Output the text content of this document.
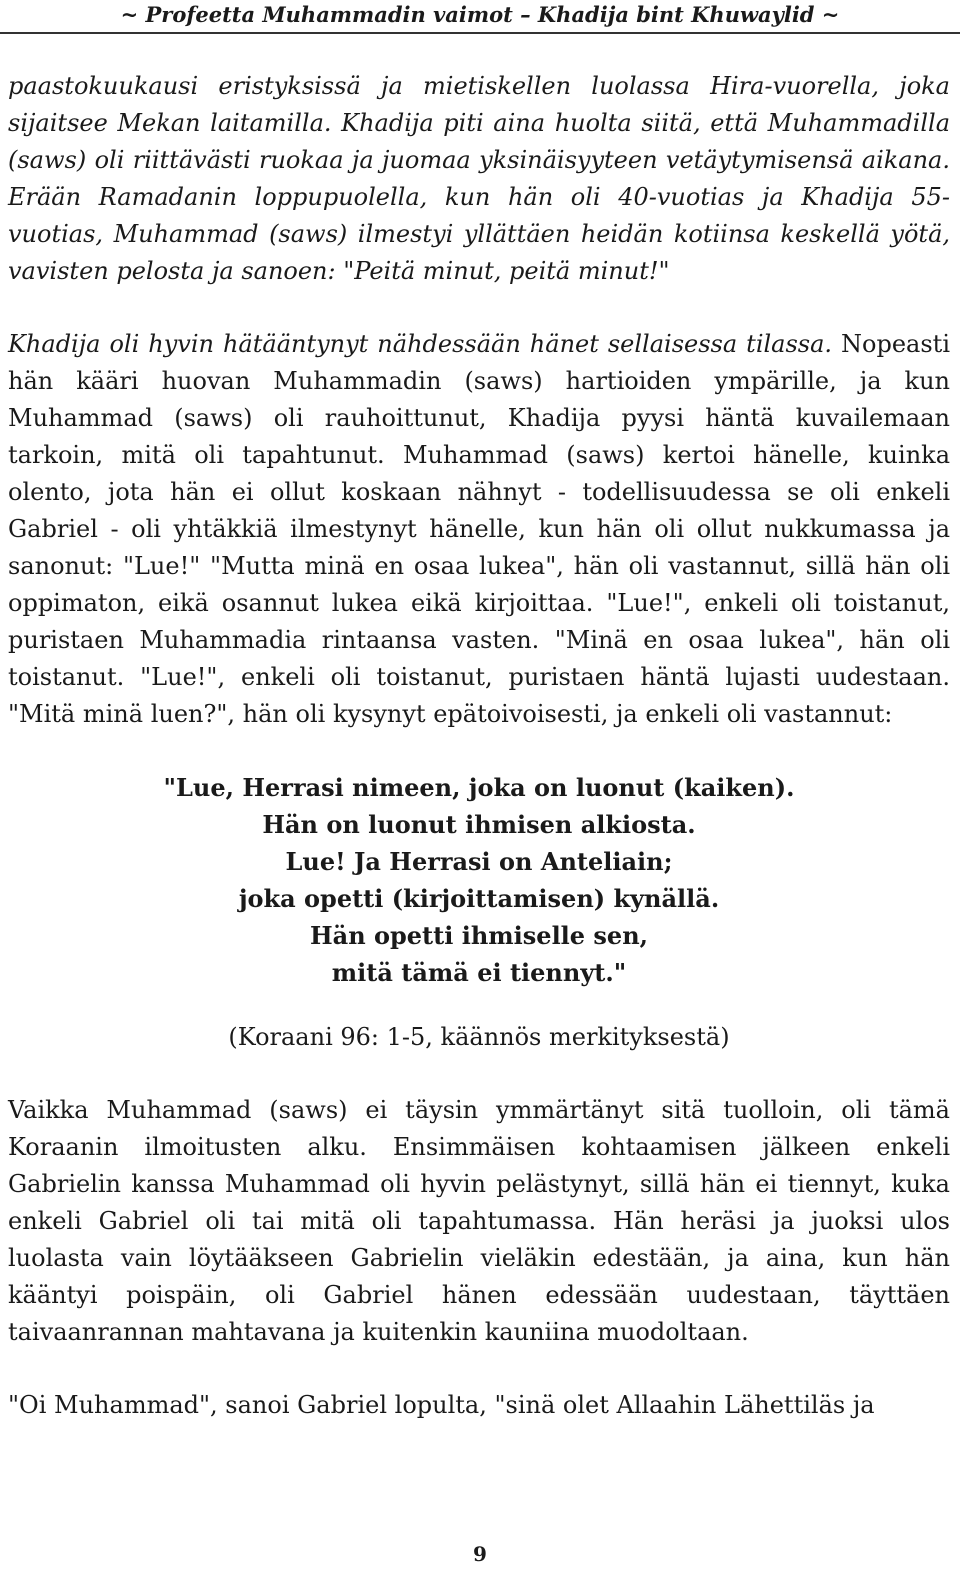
~ Profeetta Muhammadin vaimot – Khadija bint Khuwaylid ~

paastokuukausi eristyksissä ja mietiskellen luolassa Hira-vuorella, joka sijaitsee Mekan laitamilla. Khadija piti aina huolta siitä, että Muhammadilla (saws) oli riittävästi ruokaa ja juomaa yksinäisyyteen vetäytymisensä aikana. Erään Ramadanin loppupuolella, kun hän oli 40-vuotias ja Khadija 55-vuotias, Muhammad (saws) ilmestyi yllättäen heidän kotiinsa keskellä yötä, vavisten pelosta ja sanoen: "Peitä minut, peitä minut!"

Khadija oli hyvin hätääntynyt nähdessään hänet sellaisessa tilassa. Nopeasti hän kääri huovan Muhammadin (saws) hartioiden ympärille, ja kun Muhammad (saws) oli rauhoittunut, Khadija pyysi häntä kuvailemaan tarkoin, mitä oli tapahtunut. Muhammad (saws) kertoi hänelle, kuinka olento, jota hän ei ollut koskaan nähnyt - todellisuudessa se oli enkeli Gabriel - oli yhtäkkiä ilmestynyt hänelle, kun hän oli ollut nukkumassa ja sanonut: "Lue!" "Mutta minä en osaa lukea", hän oli vastannut, sillä hän oli oppimaton, eikä osannut lukea eikä kirjoittaa. "Lue!", enkeli oli toistanut, puristaen Muhammadia rintaansa vasten. "Minä en osaa lukea", hän oli toistanut. "Lue!", enkeli oli toistanut, puristaen häntä lujasti uudestaan. "Mitä minä luen?", hän oli kysynyt epätoivoisesti, ja enkeli oli vastannut:

"Lue, Herrasi nimeen, joka on luonut (kaiken).
Hän on luonut ihmisen alkiosta.
Lue! Ja Herrasi on Anteliain;
joka opetti (kirjoittamisen) kynällä.
Hän opetti ihmiselle sen,
mitä tämä ei tiennyt."
(Koraani 96: 1-5, käännös merkityksestä)

Vaikka Muhammad (saws) ei täysin ymmärtänyt sitä tuolloin, oli tämä Koraanin ilmoitusten alku. Ensimmäisen kohtaamisen jälkeen enkeli Gabrielin kanssa Muhammad oli hyvin pelästynyt, sillä hän ei tiennyt, kuka enkeli Gabriel oli tai mitä oli tapahtumassa. Hän heräsi ja juoksi ulos luolasta vain löytääkseen Gabrielin vieläkin edestään, ja aina, kun hän kääntyi poispäin, oli Gabriel hänen edessään uudestaan, täyttäen taivaanrannan mahtavana ja kuitenkin kauniina muodoltaan.

"Oi Muhammad", sanoi Gabriel lopulta, "sinä olet Allaahin Lähettiläs ja

9
